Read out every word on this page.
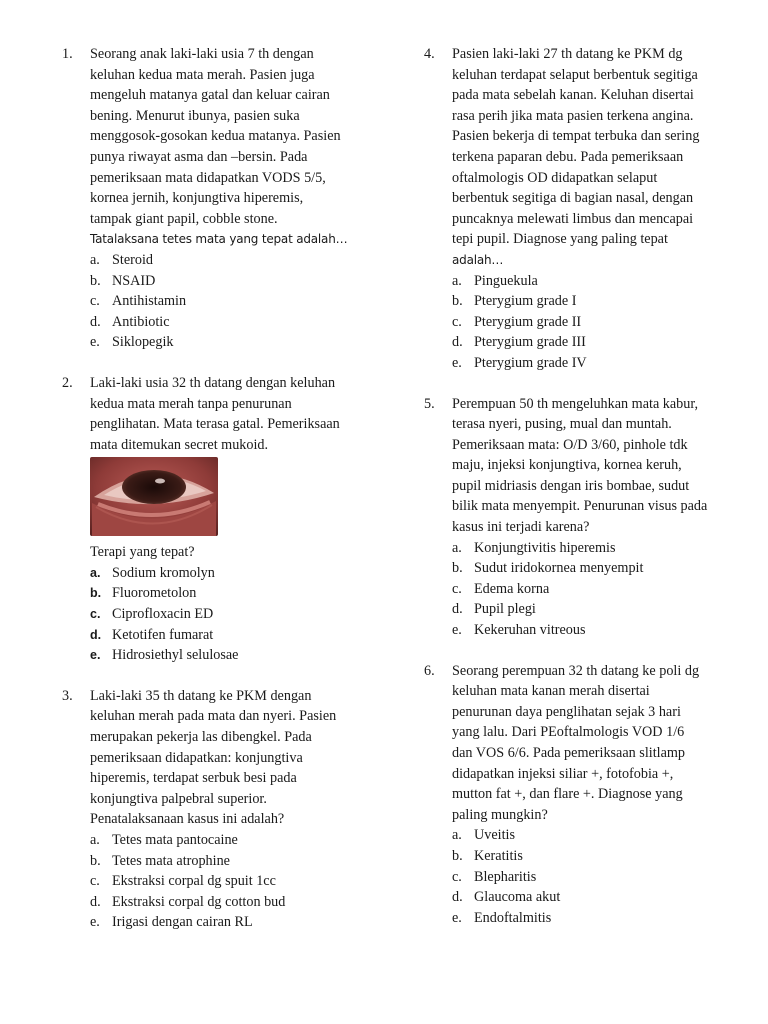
1.	Seorang anak laki-laki usia 7 th dengan
keluhan kedua mata merah. Pasien juga
mengeluh matanya gatal dan keluar cairan
bening. Menurut ibunya, pasien suka
menggosok-gosokan kedua matanya. Pasien
punya riwayat asma dan –bersin. Pada
pemeriksaan mata didapatkan VODS 5/5,
kornea jernih, konjungtiva hiperemis,
tampak giant papil, cobble stone.
Tatalaksana tetes mata yang tepat adalah…
a. Steroid
b. NSAID
c. Antihistamin
d. Antibiotic
e. Siklopegik
2.	Laki-laki usia 32 th datang dengan keluhan
kedua mata merah tanpa penurunan
penglihatan. Mata terasa gatal. Pemeriksaan
mata ditemukan secret mukoid.
Terapi yang tepat?
a. Sodium kromolyn
b. Fluorometolon
c. Ciprofloxacin ED
d. Ketotifen fumarat
e. Hidrosiethyl selulosae
3.	Laki-laki 35 th datang ke PKM dengan
keluhan merah pada mata dan nyeri. Pasien
merupakan pekerja las dibengkel. Pada
pemeriksaan didapatkan: konjungtiva
hiperemis, terdapat serbuk besi pada
konjungtiva palpebral superior.
Penatalaksanaan kasus ini adalah?
a. Tetes mata pantocaine
b. Tetes mata atrophine
c. Ekstraksi corpal dg spuit 1cc
d. Ekstraksi corpal dg cotton bud
e. Irigasi dengan cairan RL
4.	Pasien laki-laki 27 th datang ke PKM dg
keluhan terdapat selaput berbentuk segitiga
pada mata sebelah kanan. Keluhan disertai
rasa perih jika mata pasien terkena angina.
Pasien bekerja di tempat terbuka dan sering
terkena paparan debu. Pada pemeriksaan
oftalmologis OD didapatkan selaput
berbentuk segitiga di bagian nasal, dengan
puncaknya melewati limbus dan mencapai
tepi pupil. Diagnose yang paling tepat
adalah…
a. Pinguekula
b. Pterygium grade I
c. Pterygium grade II
d. Pterygium grade III
e. Pterygium grade IV
5.	Perempuan 50 th mengeluhkan mata kabur,
terasa nyeri, pusing, mual dan muntah.
Pemeriksaan mata: O/D 3/60, pinhole tdk
maju, injeksi konjungtiva, kornea keruh,
pupil midriasis dengan iris bombae, sudut
bilik mata menyempit. Penurunan visus pada
kasus ini terjadi karena?
a. Konjungtivitis hiperemis
b. Sudut iridokornea menyempit
c. Edema korna
d. Pupil plegi
e. Kekeruhan vitreous
6.	Seorang perempuan 32 th datang ke poli dg
keluhan mata kanan merah disertai
penurunan daya penglihatan sejak 3 hari
yang lalu. Dari PEoftalmologis VOD 1/6
dan VOS 6/6. Pada pemeriksaan slitlamp
didapatkan injeksi siliar +, fotofobia +,
mutton fat +, dan flare +. Diagnose yang
paling mungkin?
a. Uveitis
b. Keratitis
c. Blepharitis
d. Glaucoma akut
e. Endoftalmitis
